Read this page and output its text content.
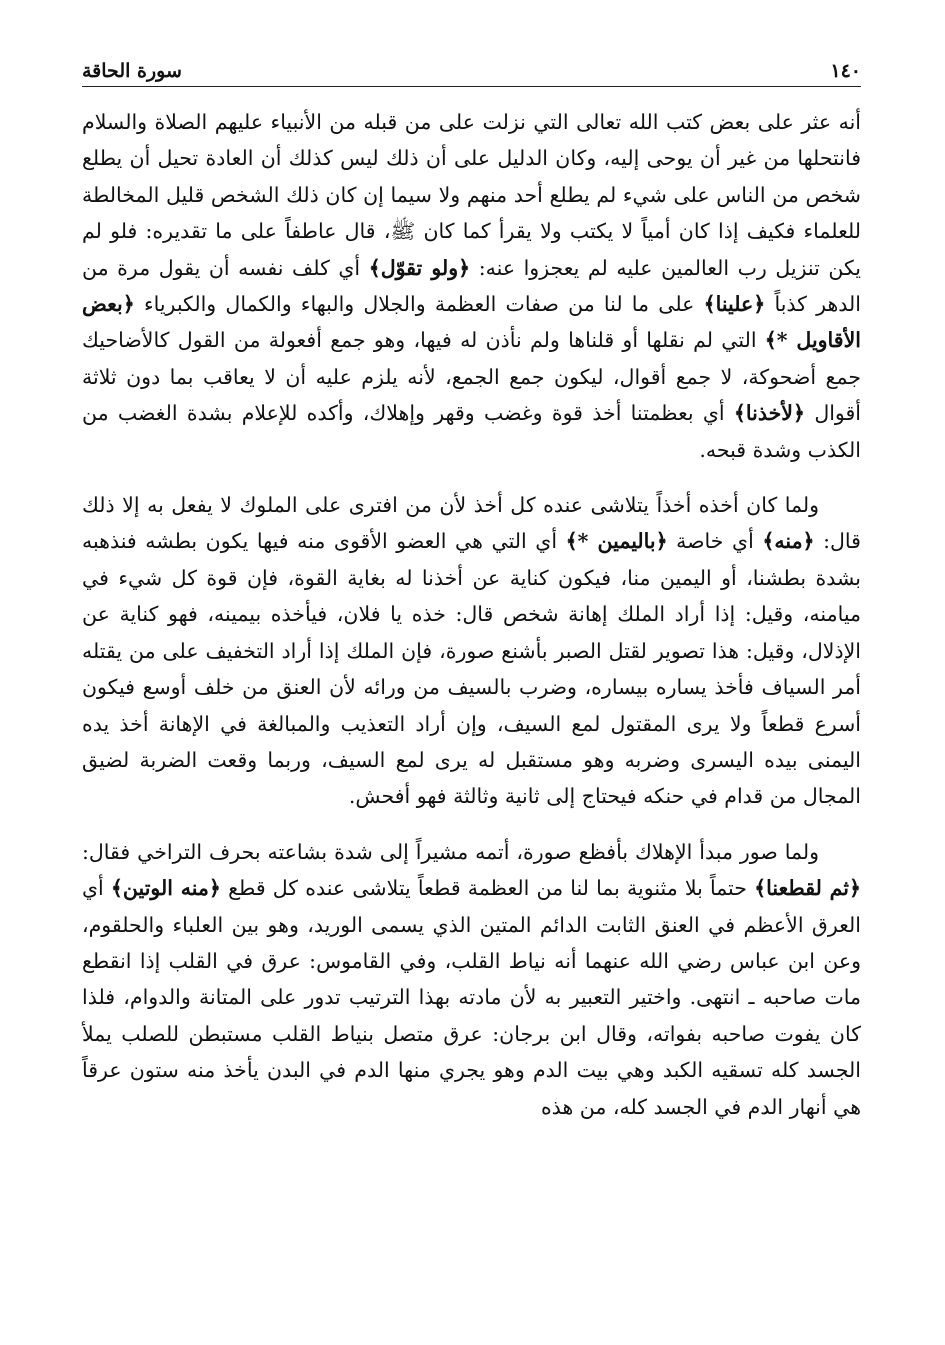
١٤٠
سورة الحاقة

أنه عثر على بعض كتب الله تعالى التي نزلت على من قبله من الأنبياء عليهم الصلاة والسلام فانتحلها من غير أن يوحى إليه، وكان الدليل على أن ذلك ليس كذلك أن العادة تحيل أن يطلع شخص من الناس على شيء لم يطلع أحد منهم ولا سيما إن كان ذلك الشخص قليل المخالطة للعلماء فكيف إذا كان أمياً لا يكتب ولا يقرأ كما كان ﷺ، قال عاطفاً على ما تقديره: فلو لم يكن تنزيل رب العالمين عليه لم يعجزوا عنه: ﴿ولو تقوّل﴾ أي كلف نفسه أن يقول مرة من الدهر كذباً ﴿علينا﴾ على ما لنا من صفات العظمة والجلال والبهاء والكمال والكبرياء ﴿بعض الأقاويل *﴾ التي لم نقلها أو قلناها ولم نأذن له فيها، وهو جمع أفعولة من القول كالأضاحيك جمع أضحوكة، لا جمع أقوال، ليكون جمع الجمع، لأنه يلزم عليه أن لا يعاقب بما دون ثلاثة أقوال ﴿لأخذنا﴾ أي بعظمتنا أخذ قوة وغضب وقهر وإهلاك، وأكده للإعلام بشدة الغضب من الكذب وشدة قبحه.

ولما كان أخذه أخذاً يتلاشى عنده كل أخذ لأن من افترى على الملوك لا يفعل به إلا ذلك قال: ﴿منه﴾ أي خاصة ﴿باليمين *﴾ أي التي هي العضو الأقوى منه فيها يكون بطشه فنذهبه بشدة بطشنا، أو اليمين منا، فيكون كناية عن أخذنا له بغاية القوة، فإن قوة كل شيء في ميامنه، وقيل: إذا أراد الملك إهانة شخص قال: خذه يا فلان، فيأخذه بيمينه، فهو كناية عن الإذلال، وقيل: هذا تصوير لقتل الصبر بأشنع صورة، فإن الملك إذا أراد التخفيف على من يقتله أمر السياف فأخذ يساره بيساره، وضرب بالسيف من ورائه لأن العنق من خلف أوسع فيكون أسرع قطعاً ولا يرى المقتول لمع السيف، وإن أراد التعذيب والمبالغة في الإهانة أخذ يده اليمنى بيده اليسرى وضربه وهو مستقبل له يرى لمع السيف، وربما وقعت الضربة لضيق المجال من قدام في حنكه فيحتاج إلى ثانية وثالثة فهو أفحش.

ولما صور مبدأ الإهلاك بأفظع صورة، أتمه مشيراً إلى شدة بشاعته بحرف التراخي فقال: ﴿ثم لقطعنا﴾ حتماً بلا مثنوية بما لنا من العظمة قطعاً يتلاشى عنده كل قطع ﴿منه الوتين﴾ أي العرق الأعظم في العنق الثابت الدائم المتين الذي يسمى الوريد، وهو بين العلباء والحلقوم، وعن ابن عباس رضي الله عنهما أنه نياط القلب، وفي القاموس: عرق في القلب إذا انقطع مات صاحبه ـ انتهى. واختير التعبير به لأن مادته بهذا الترتيب تدور على المتانة والدوام، فلذا كان يفوت صاحبه بفواته، وقال ابن برجان: عرق متصل بنياط القلب مستبطن للصلب يملأ الجسد كله تسقيه الكبد وهي بيت الدم وهو يجري منها الدم في البدن يأخذ منه ستون عرقاً هي أنهار الدم في الجسد كله، من هذه
